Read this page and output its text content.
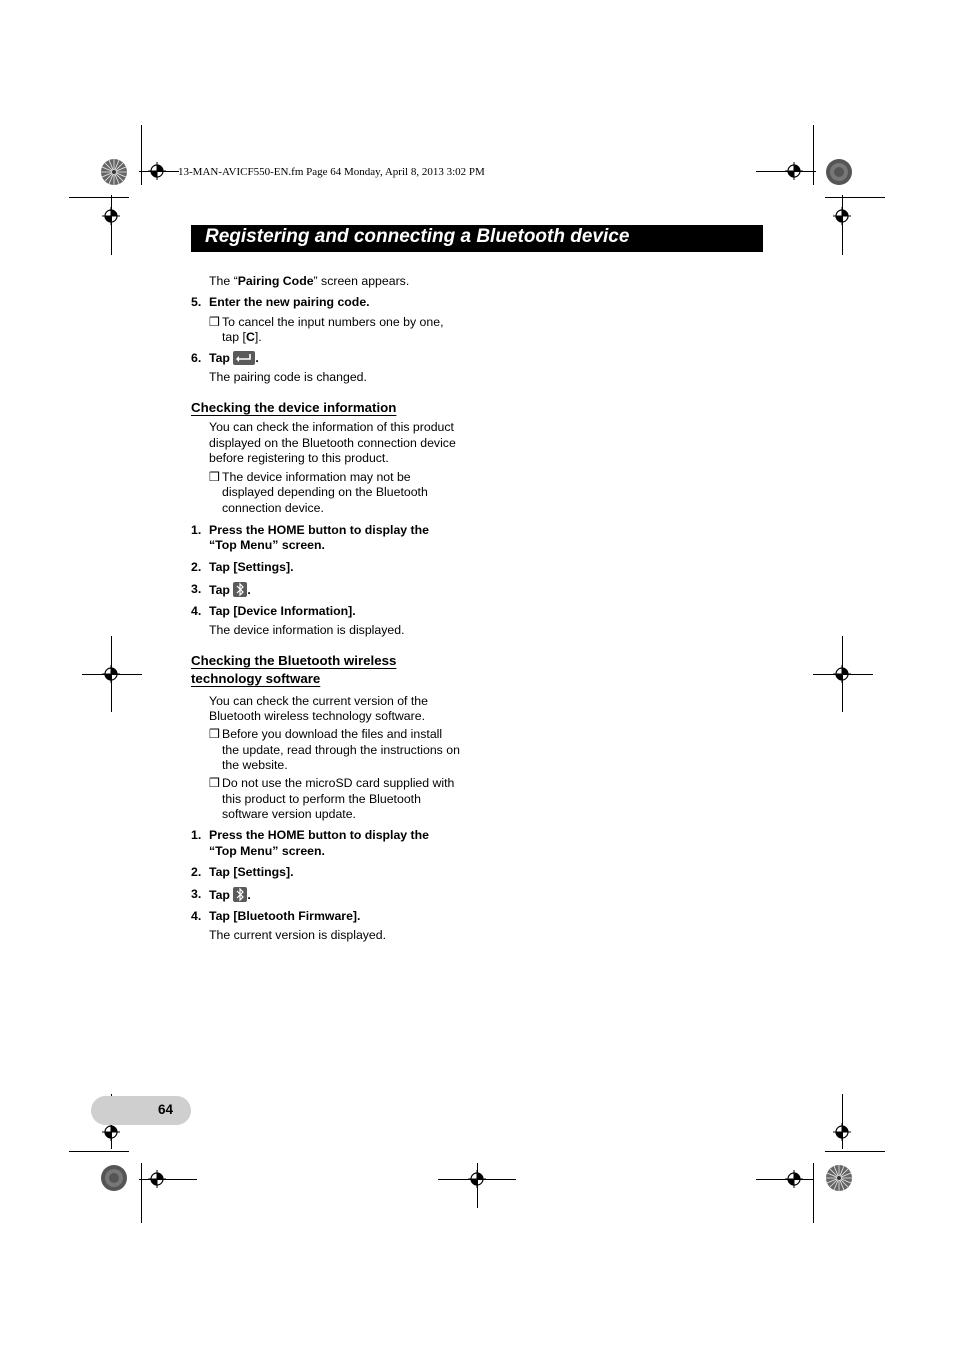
13-MAN-AVICF550-EN.fm Page 64 Monday, April 8, 2013 3:02 PM
Registering and connecting a Bluetooth device

The “Pairing Code” screen appears.

5. Enter the new pairing code.

❒ To cancel the input numbers one by one,
tap [C].

6. Tap .

The pairing code is changed.

Checking the device information

You can check the information of this product
displayed on the Bluetooth connection device
before registering to this product.

❒ The device information may not be
displayed depending on the Bluetooth
connection device.

1. Press the HOME button to display the
“Top Menu” screen.

2. Tap [Settings].

3. Tap .

4. Tap [Device Information].

The device information is displayed.

Checking the Bluetooth wireless
technology software

You can check the current version of the
Bluetooth wireless technology software.

❒ Before you download the files and install
the update, read through the instructions on
the website.

❒ Do not use the microSD card supplied with
this product to perform the Bluetooth
software version update.

1. Press the HOME button to display the
“Top Menu” screen.

2. Tap [Settings].

3. Tap .

4. Tap [Bluetooth Firmware].

The current version is displayed.

64
